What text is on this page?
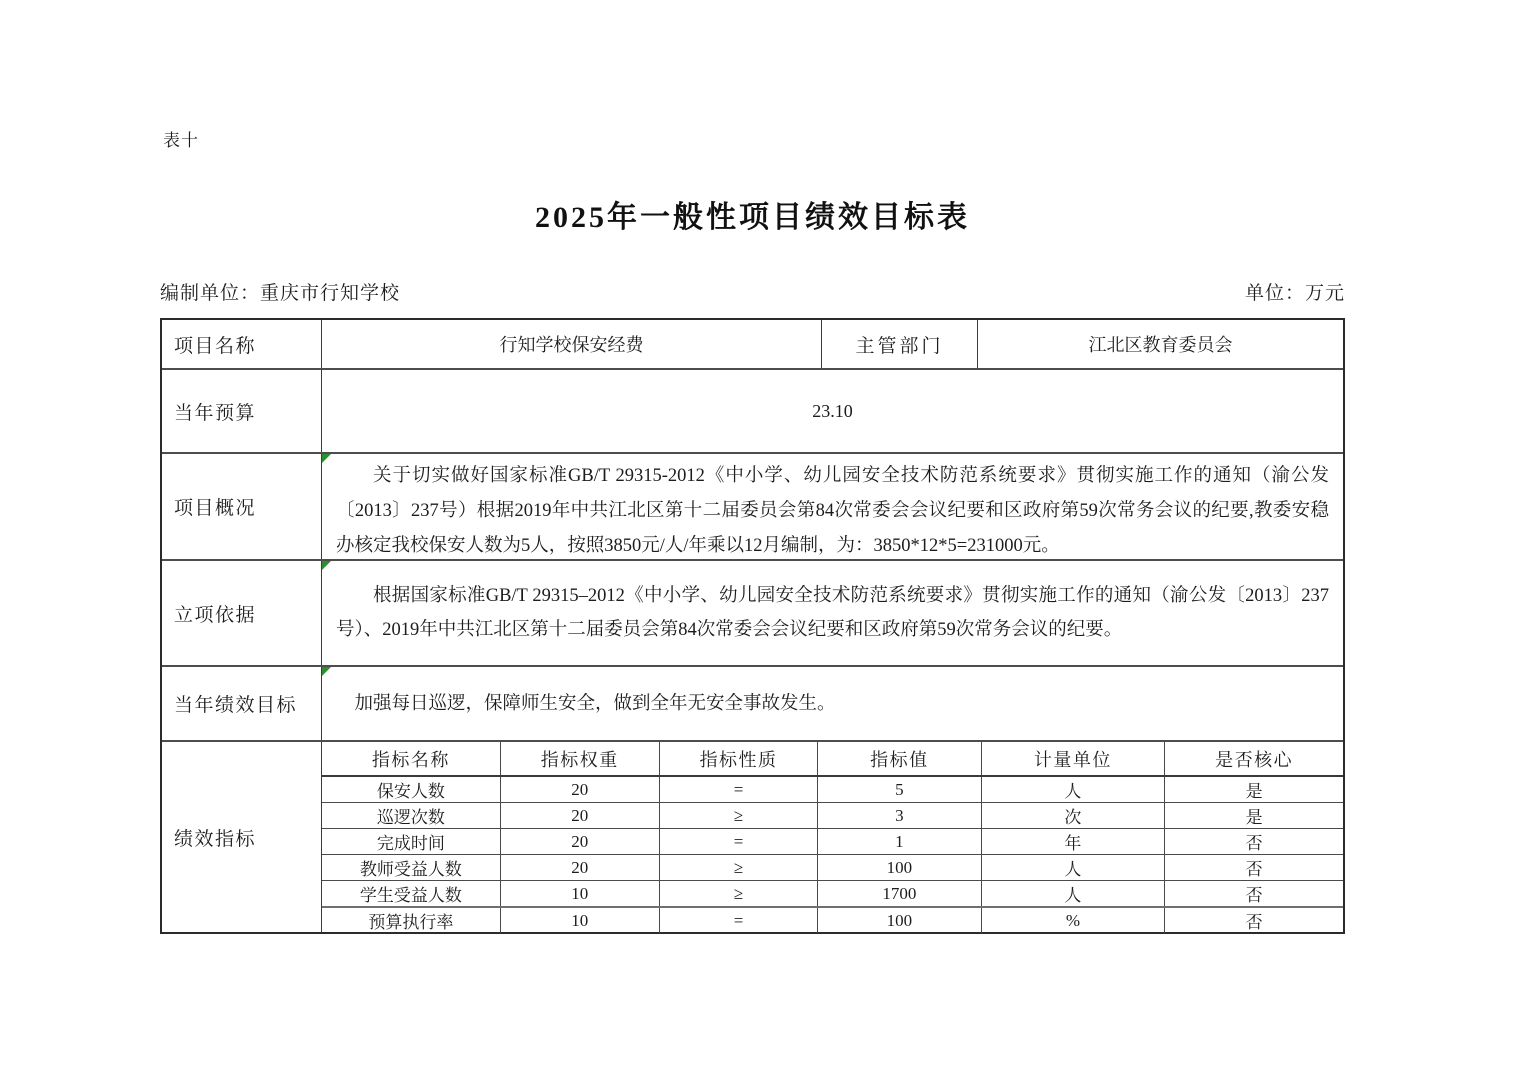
表十
2025年一般性项目绩效目标表
编制单位：重庆市行知学校	单位：万元
项目名称	行知学校保安经费	主管部门	江北区教育委员会
当年预算	23.10
项目概况
关于切实做好国家标准GB/T 29315-2012《中小学、幼儿园安全技术防范系统要求》贯彻实施工作的通知（渝公发〔2013〕237号）根据2019年中共江北区第十二届委员会第84次常委会会议纪要和区政府第59次常务会议的纪要,教委安稳办核定我校保安人数为5人，按照3850元/人/年乘以12月编制，为：3850*12*5=231000元。
立项依据
根据国家标准GB/T 29315–2012《中小学、幼儿园安全技术防范系统要求》贯彻实施工作的通知（渝公发〔2013〕237号）、2019年中共江北区第十二届委员会第84次常委会会议纪要和区政府第59次常务会议的纪要。
当年绩效目标	加强每日巡逻，保障师生安全，做到全年无安全事故发生。
绩效指标
指标名称	指标权重	指标性质	指标值	计量单位	是否核心
保安人数	20	=	5	人	是
巡逻次数	20	≥	3	次	是
完成时间	20	=	1	年	否
教师受益人数	20	≥	100	人	否
学生受益人数	10	≥	1700	人	否
预算执行率	10	=	100	%	否
